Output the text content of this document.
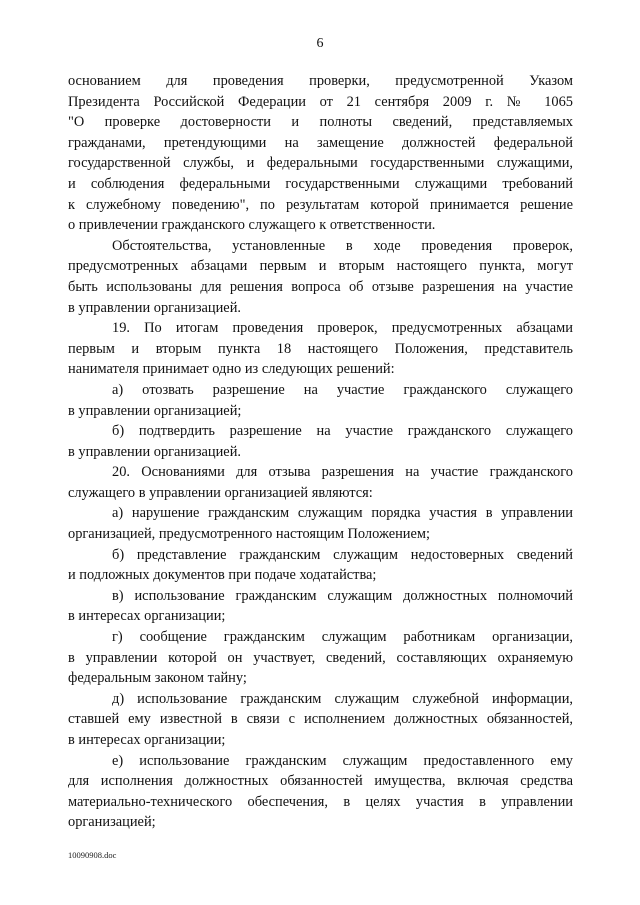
6
основанием для проведения проверки, предусмотренной Указом
Президента Российской Федерации от 21 сентября 2009 г. № 1065
"О проверке достоверности и полноты сведений, представляемых
гражданами, претендующими на замещение должностей федеральной
государственной службы, и федеральными государственными служащими,
и соблюдения федеральными государственными служащими требований
к служебному поведению", по результатам которой принимается решение
о привлечении гражданского служащего к ответственности.
Обстоятельства, установленные в ходе проведения проверок,
предусмотренных абзацами первым и вторым настоящего пункта, могут
быть использованы для решения вопроса об отзыве разрешения на участие
в управлении организацией.
19. По итогам проведения проверок, предусмотренных абзацами
первым и вторым пункта 18 настоящего Положения, представитель
нанимателя принимает одно из следующих решений:
а) отозвать разрешение на участие гражданского служащего
в управлении организацией;
б) подтвердить разрешение на участие гражданского служащего
в управлении организацией.
20. Основаниями для отзыва разрешения на участие гражданского
служащего в управлении организацией являются:
а) нарушение гражданским служащим порядка участия в управлении
организацией, предусмотренного настоящим Положением;
б) представление гражданским служащим недостоверных сведений
и подложных документов при подаче ходатайства;
в) использование гражданским служащим должностных полномочий
в интересах организации;
г) сообщение гражданским служащим работникам организации,
в управлении которой он участвует, сведений, составляющих охраняемую
федеральным законом тайну;
д) использование гражданским служащим служебной информации,
ставшей ему известной в связи с исполнением должностных обязанностей,
в интересах организации;
е) использование гражданским служащим предоставленного ему
для исполнения должностных обязанностей имущества, включая средства
материально-технического обеспечения, в целях участия в управлении
организацией;
10090908.doc
